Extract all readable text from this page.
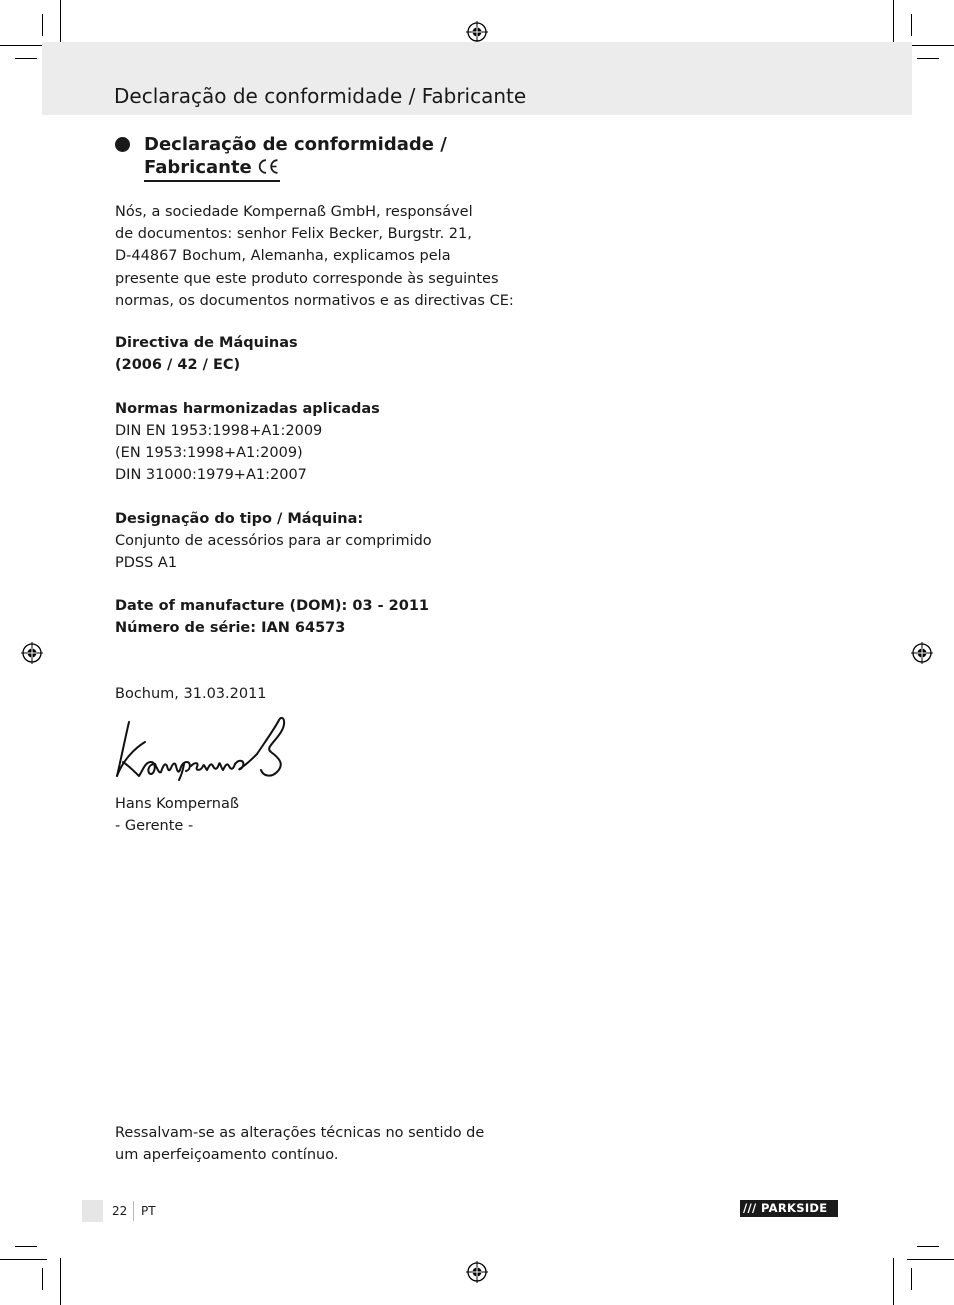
Declaração de conformidade / Fabricante
Declaração de conformidade /
Fabricante
Nós, a sociedade Kompernaß GmbH, responsável
de documentos: senhor Felix Becker, Burgstr. 21,
D-44867 Bochum, Alemanha, explicamos pela
presente que este produto corresponde às seguintes
normas, os documentos normativos e as directivas CE:
Directiva de Máquinas
(2006 / 42 / EC)
Normas harmonizadas aplicadas
DIN EN 1953:1998+A1:2009
(EN 1953:1998+A1:2009)
DIN 31000:1979+A1:2007
Designação do tipo / Máquina:
Conjunto de acessórios para ar comprimido
PDSS A1
Date of manufacture (DOM): 03 - 2011
Número de série: IAN 64573
Bochum, 31.03.2011
Hans Kompernaß
- Gerente -
Ressalvam-se as alterações técnicas no sentido de
um aperfeiçoamento contínuo.
22 PT	/// PARKSIDE
